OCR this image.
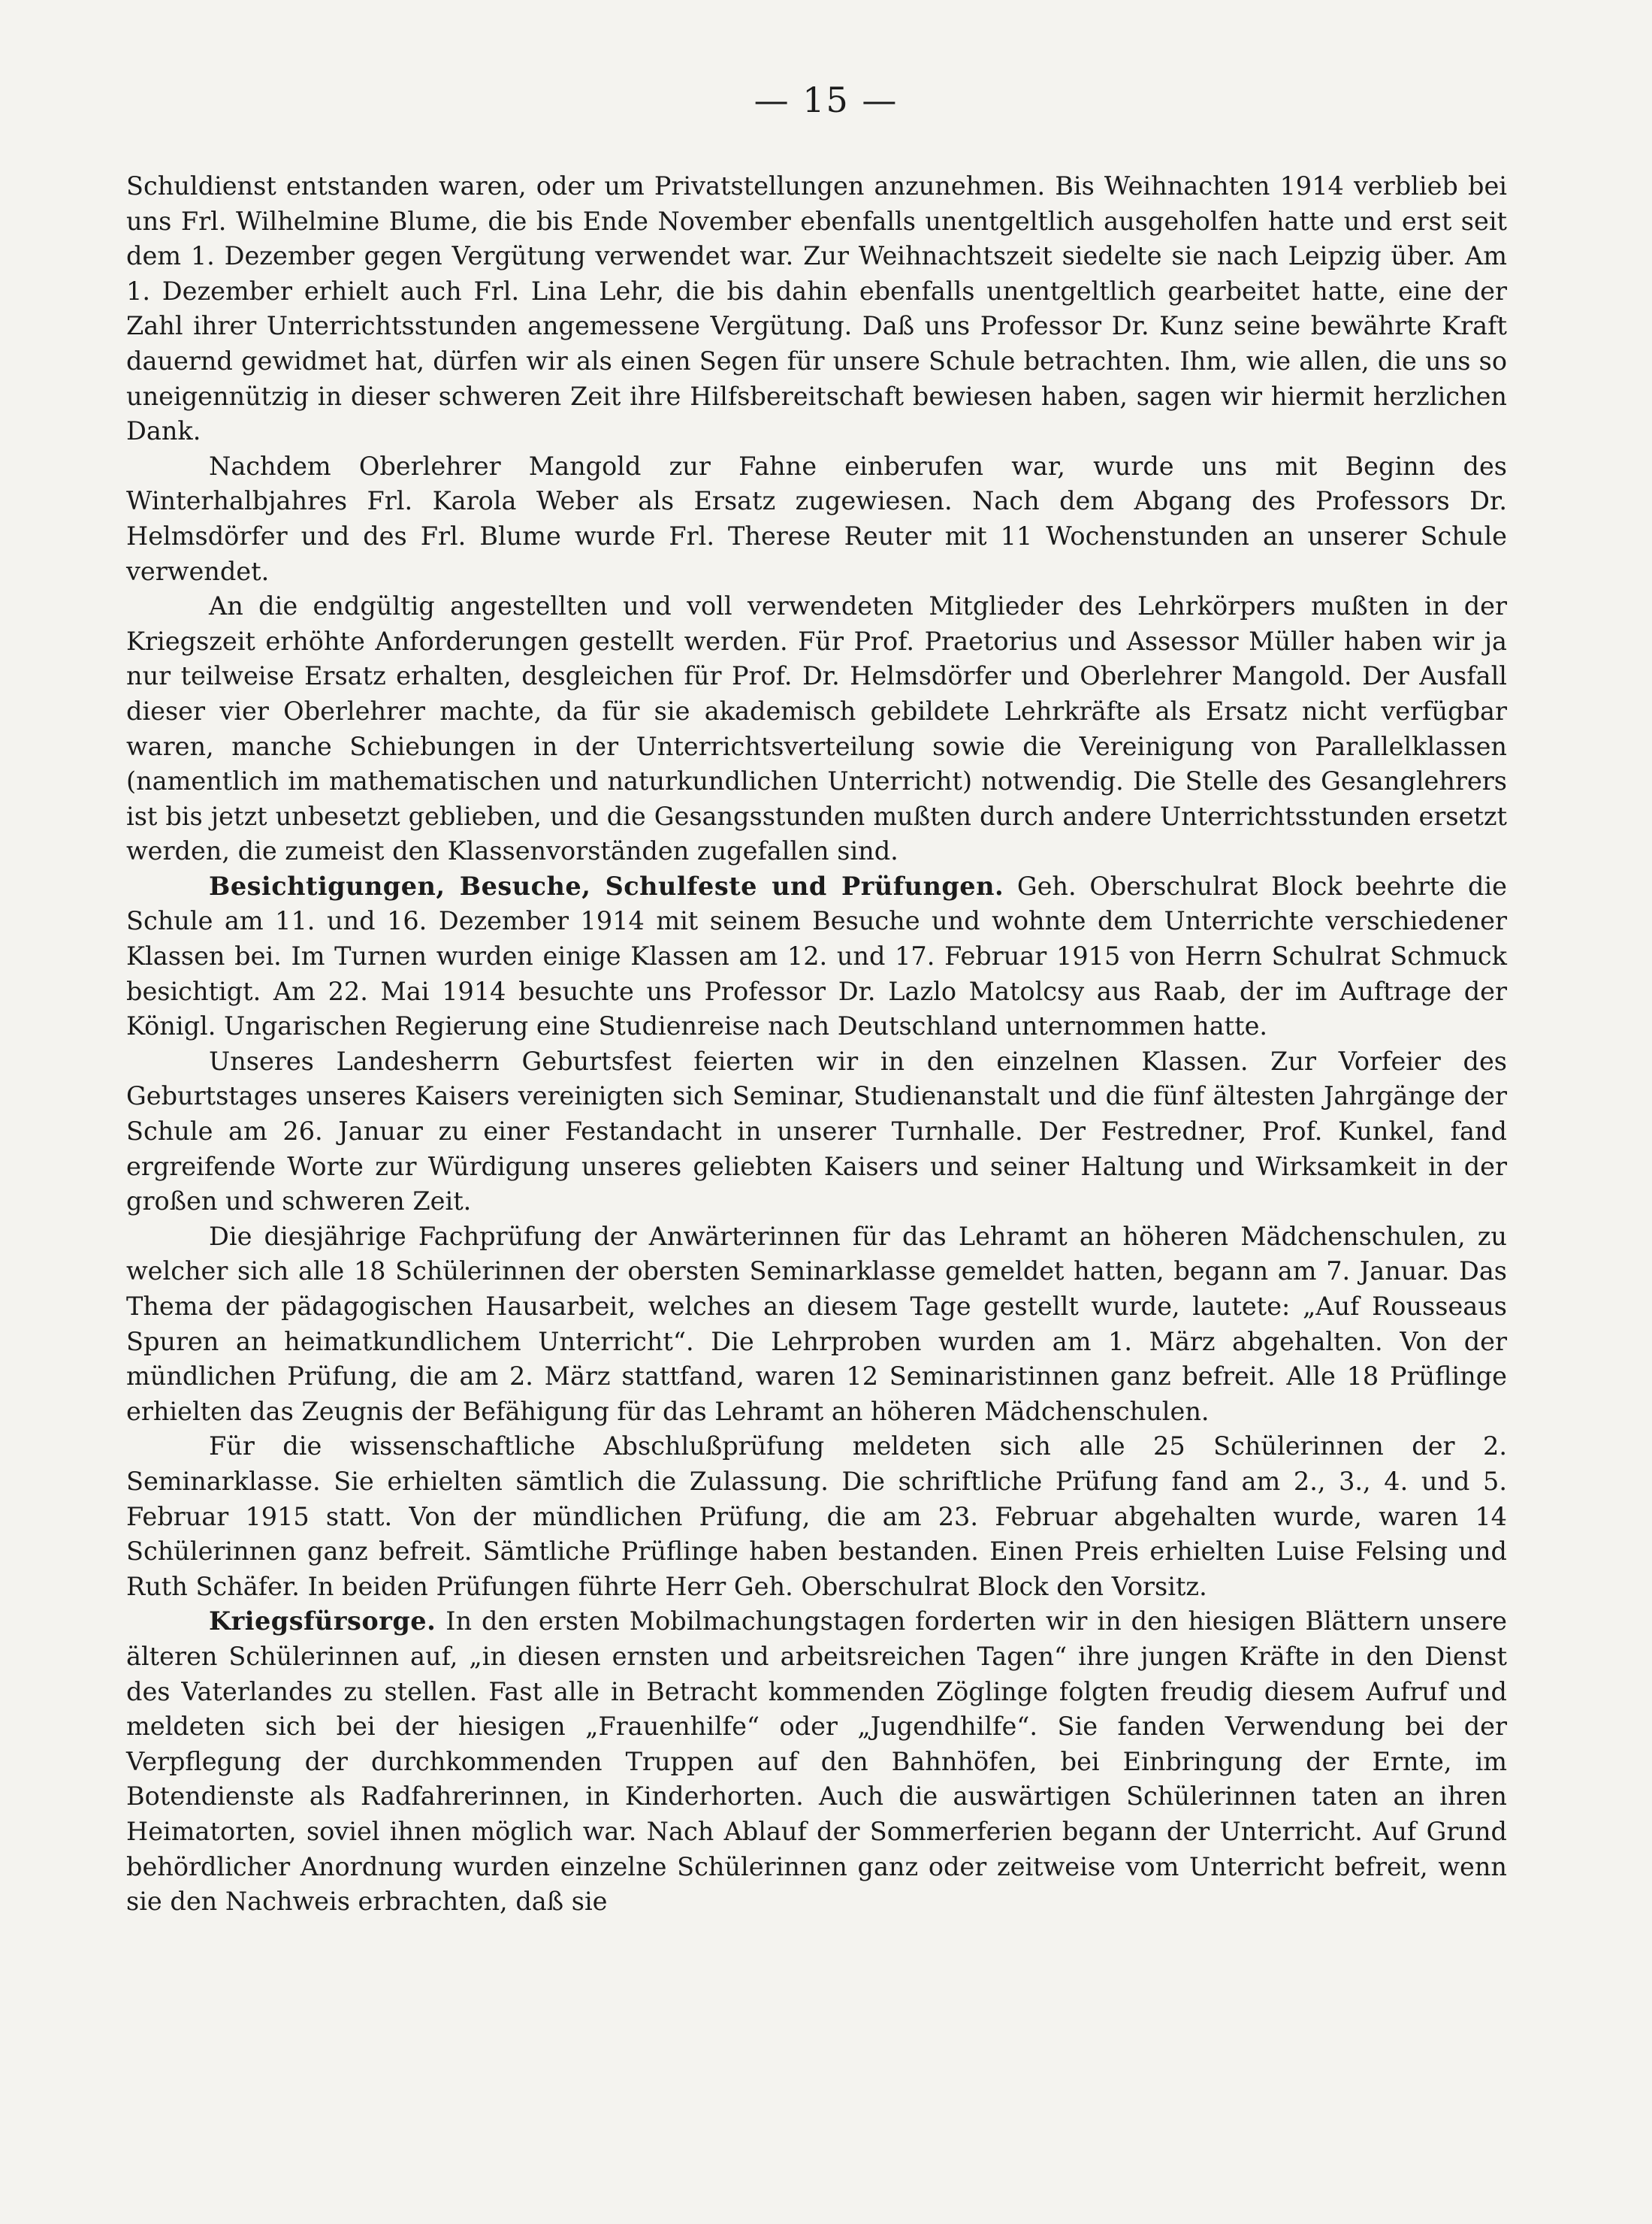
— 15 —

Schuldienst entstanden waren, oder um Privatstellungen anzunehmen. Bis Weihnachten 1914 verblieb bei uns Frl. Wilhelmine Blume, die bis Ende November ebenfalls unentgeltlich ausgeholfen hatte und erst seit dem 1. Dezember gegen Vergütung verwendet war. Zur Weihnachtszeit siedelte sie nach Leipzig über. Am 1. Dezember erhielt auch Frl. Lina Lehr, die bis dahin ebenfalls unentgeltlich gearbeitet hatte, eine der Zahl ihrer Unterrichtsstunden angemessene Vergütung. Daß uns Professor Dr. Kunz seine bewährte Kraft dauernd gewidmet hat, dürfen wir als einen Segen für unsere Schule betrachten. Ihm, wie allen, die uns so uneigennützig in dieser schweren Zeit ihre Hilfsbereitschaft bewiesen haben, sagen wir hiermit herzlichen Dank.

Nachdem Oberlehrer Mangold zur Fahne einberufen war, wurde uns mit Beginn des Winterhalbjahres Frl. Karola Weber als Ersatz zugewiesen. Nach dem Abgang des Professors Dr. Helmsdörfer und des Frl. Blume wurde Frl. Therese Reuter mit 11 Wochenstunden an unserer Schule verwendet.

An die endgültig angestellten und voll verwendeten Mitglieder des Lehrkörpers mußten in der Kriegszeit erhöhte Anforderungen gestellt werden. Für Prof. Praetorius und Assessor Müller haben wir ja nur teilweise Ersatz erhalten, desgleichen für Prof. Dr. Helmsdörfer und Oberlehrer Mangold. Der Ausfall dieser vier Oberlehrer machte, da für sie akademisch gebildete Lehrkräfte als Ersatz nicht verfügbar waren, manche Schiebungen in der Unterrichtsverteilung sowie die Vereinigung von Parallelklassen (namentlich im mathematischen und naturkundlichen Unterricht) notwendig. Die Stelle des Gesanglehrers ist bis jetzt unbesetzt geblieben, und die Gesangsstunden mußten durch andere Unterrichtsstunden ersetzt werden, die zumeist den Klassenvorständen zugefallen sind.

Besichtigungen, Besuche, Schulfeste und Prüfungen. Geh. Oberschulrat Block beehrte die Schule am 11. und 16. Dezember 1914 mit seinem Besuche und wohnte dem Unterrichte verschiedener Klassen bei. Im Turnen wurden einige Klassen am 12. und 17. Februar 1915 von Herrn Schulrat Schmuck besichtigt. Am 22. Mai 1914 besuchte uns Professor Dr. Lazlo Matolcsy aus Raab, der im Auftrage der Königl. Ungarischen Regierung eine Studienreise nach Deutschland unternommen hatte.

Unseres Landesherrn Geburtsfest feierten wir in den einzelnen Klassen. Zur Vorfeier des Geburtstages unseres Kaisers vereinigten sich Seminar, Studienanstalt und die fünf ältesten Jahrgänge der Schule am 26. Januar zu einer Festandacht in unserer Turnhalle. Der Festredner, Prof. Kunkel, fand ergreifende Worte zur Würdigung unseres geliebten Kaisers und seiner Haltung und Wirksamkeit in der großen und schweren Zeit.

Die diesjährige Fachprüfung der Anwärterinnen für das Lehramt an höheren Mädchenschulen, zu welcher sich alle 18 Schülerinnen der obersten Seminarklasse gemeldet hatten, begann am 7. Januar. Das Thema der pädagogischen Hausarbeit, welches an diesem Tage gestellt wurde, lautete: „Auf Rousseaus Spuren an heimatkundlichem Unterricht“. Die Lehrproben wurden am 1. März abgehalten. Von der mündlichen Prüfung, die am 2. März stattfand, waren 12 Seminaristinnen ganz befreit. Alle 18 Prüflinge erhielten das Zeugnis der Befähigung für das Lehramt an höheren Mädchenschulen.

Für die wissenschaftliche Abschlußprüfung meldeten sich alle 25 Schülerinnen der 2. Seminarklasse. Sie erhielten sämtlich die Zulassung. Die schriftliche Prüfung fand am 2., 3., 4. und 5. Februar 1915 statt. Von der mündlichen Prüfung, die am 23. Februar abgehalten wurde, waren 14 Schülerinnen ganz befreit. Sämtliche Prüflinge haben bestanden. Einen Preis erhielten Luise Felsing und Ruth Schäfer. In beiden Prüfungen führte Herr Geh. Oberschulrat Block den Vorsitz.

Kriegsfürsorge. In den ersten Mobilmachungstagen forderten wir in den hiesigen Blättern unsere älteren Schülerinnen auf, „in diesen ernsten und arbeitsreichen Tagen“ ihre jungen Kräfte in den Dienst des Vaterlandes zu stellen. Fast alle in Betracht kommenden Zöglinge folgten freudig diesem Aufruf und meldeten sich bei der hiesigen „Frauenhilfe“ oder „Jugendhilfe“. Sie fanden Verwendung bei der Verpflegung der durchkommenden Truppen auf den Bahnhöfen, bei Einbringung der Ernte, im Botendienste als Radfahrerinnen, in Kinderhorten. Auch die auswärtigen Schülerinnen taten an ihren Heimatorten, soviel ihnen möglich war. Nach Ablauf der Sommerferien begann der Unterricht. Auf Grund behördlicher Anordnung wurden einzelne Schülerinnen ganz oder zeitweise vom Unterricht befreit, wenn sie den Nachweis erbrachten, daß sie
